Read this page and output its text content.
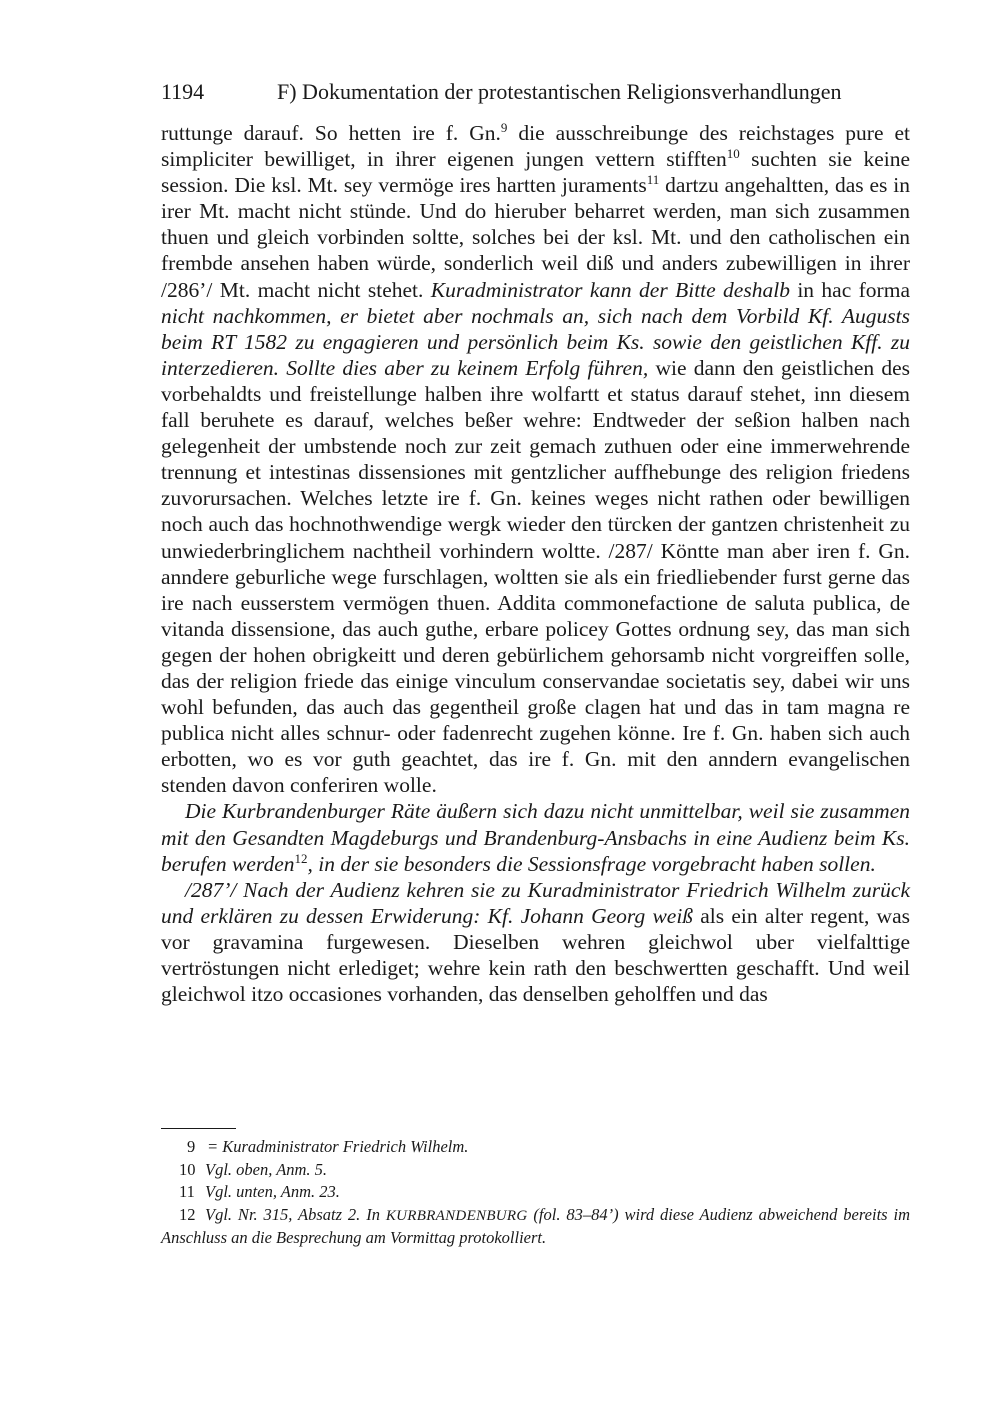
1194	F) Dokumentation der protestantischen Religionsverhandlungen

ruttunge darauf. So hetten ire f. Gn.$^9$ die ausschreibunge des reichstages pure et simpliciter bewilliget, in ihrer eigenen jungen vettern stifften$^{10}$ suchten sie keine session. Die ksl. Mt. sey vermöge ires hartten juraments$^{11}$ dartzu angehaltten, das es in irer Mt. macht nicht stünde. Und do hieruber beharret werden, man sich zusammen thuen und gleich vorbinden soltte, solches bei der ksl. Mt. und den catholischen ein frembde ansehen haben würde, sonderlich weil diß und anders zubewilligen in ihrer /286’/ Mt. macht nicht stehet. Kuradministrator kann der Bitte deshalb in hac forma nicht nachkommen, er bietet aber nochmals an, sich nach dem Vorbild Kf. Augusts beim RT 1582 zu engagieren und persönlich beim Ks. sowie den geistlichen Kff. zu interzedieren. Sollte dies aber zu keinem Erfolg führen, wie dann den geistlichen des vorbehaldts und freistellunge halben ihre wolfartt et status darauf stehet, inn diesem fall beruhete es darauf, welches beßer wehre: Endtweder der seßion halben nach gelegenheit der umbstende noch zur zeit gemach zuthuen oder eine immerwehrende trennung et intestinas dissensiones mit gentzlicher auffhebunge des religion friedens zuvorursachen. Welches letzte ire f. Gn. keines weges nicht rathen oder bewilligen noch auch das hochnothwendige wergk wieder den türcken der gantzen christenheit zu unwiederbringlichem nachtheil vorhindern woltte. /287/ Köntte man aber iren f. Gn. anndere geburliche wege furschlagen, woltten sie als ein friedliebender furst gerne das ire nach eusserstem vermögen thuen. Addita commonefactione de saluta publica, de vitanda dissensione, das auch guthe, erbare policey Gottes ordnung sey, das man sich gegen der hohen obrigkeitt und deren gebürlichem gehorsamb nicht vorgreiffen solle, das der religion friede das einige vinculum conservandae societatis sey, dabei wir uns wohl befunden, das auch das gegentheil große clagen hat und das in tam magna re publica nicht alles schnur- oder fadenrecht zugehen könne. Ire f. Gn. haben sich auch erbotten, wo es vor guth geachtet, das ire f. Gn. mit den anndern evangelischen stenden davon conferiren wolle.

Die Kurbrandenburger Räte äußern sich dazu nicht unmittelbar, weil sie zusammen mit den Gesandten Magdeburgs und Brandenburg-Ansbachs in eine Audienz beim Ks. berufen werden$^{12}$, in der sie besonders die Sessionsfrage vorgebracht haben sollen.

/287’/ Nach der Audienz kehren sie zu Kuradministrator Friedrich Wilhelm zurück und erklären zu dessen Erwiderung: Kf. Johann Georg weiß als ein alter regent, was vor gravamina furgewesen. Dieselben wehren gleichwol uber vielfalttige vertröstungen nicht erlediget; wehre kein rath den beschwertten geschafft. Und weil gleichwol itzo occasiones vorhanden, das denselben geholffen und das

9 = Kuradministrator Friedrich Wilhelm.

10 Vgl. oben, Anm. 5.

11 Vgl. unten, Anm. 23.

12 Vgl. Nr. 315, Absatz 2. In KURBRANDENBURG (fol. 83–84’) wird diese Audienz abweichend bereits im Anschluss an die Besprechung am Vormittag protokolliert.
